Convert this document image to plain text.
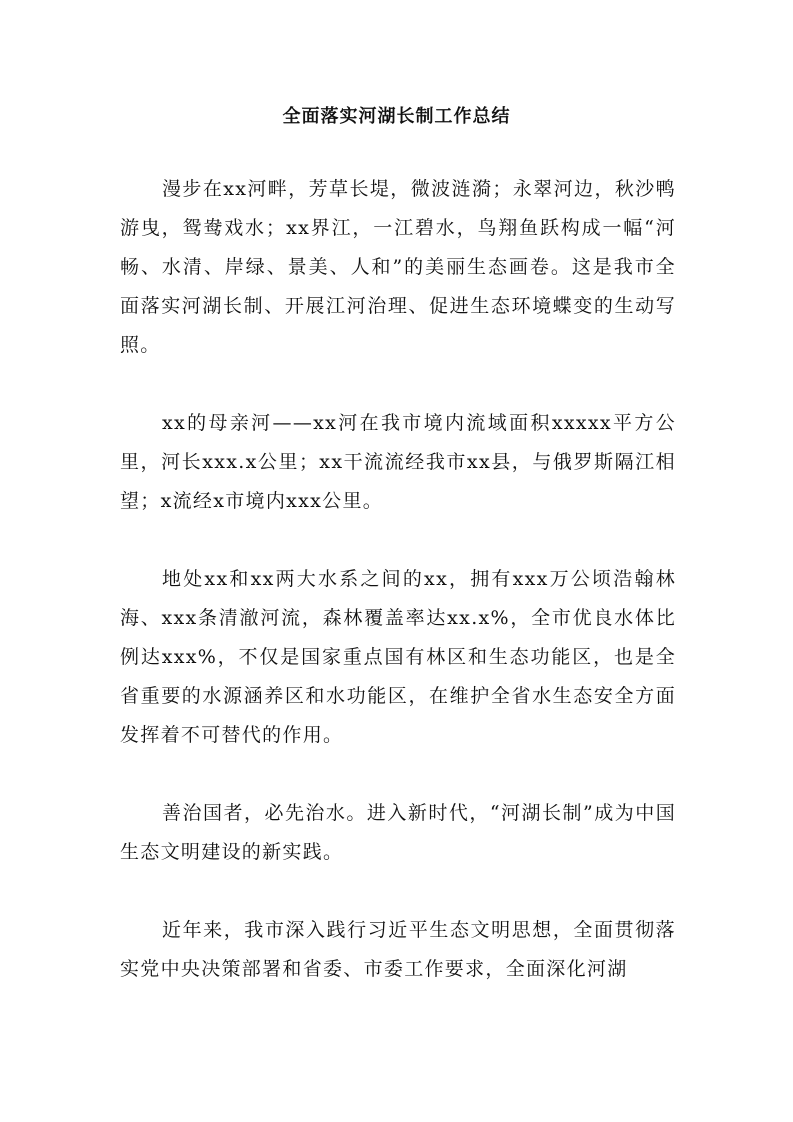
全面落实河湖长制工作总结

漫步在xx河畔，芳草长堤，微波涟漪；永翠河边，秋沙鸭游曳，鸳鸯戏水；xx界江，一江碧水，鸟翔鱼跃构成一幅“河畅、水清、岸绿、景美、人和”的美丽生态画卷。这是我市全面落实河湖长制、开展江河治理、促进生态环境蝶变的生动写照。

xx的母亲河——xx河在我市境内流域面积xxxxx平方公里，河长xxx.x公里；xx干流流经我市xx县，与俄罗斯隔江相望；x流经x市境内xxx公里。

地处xx和xx两大水系之间的xx，拥有xxx万公顷浩翰林海、xxx条清澈河流，森林覆盖率达xx.x%，全市优良水体比例达xxx%，不仅是国家重点国有林区和生态功能区，也是全省重要的水源涵养区和水功能区，在维护全省水生态安全方面发挥着不可替代的作用。

善治国者，必先治水。进入新时代，“河湖长制”成为中国生态文明建设的新实践。

近年来，我市深入践行习近平生态文明思想，全面贯彻落实党中央决策部署和省委、市委工作要求，全面深化河湖
